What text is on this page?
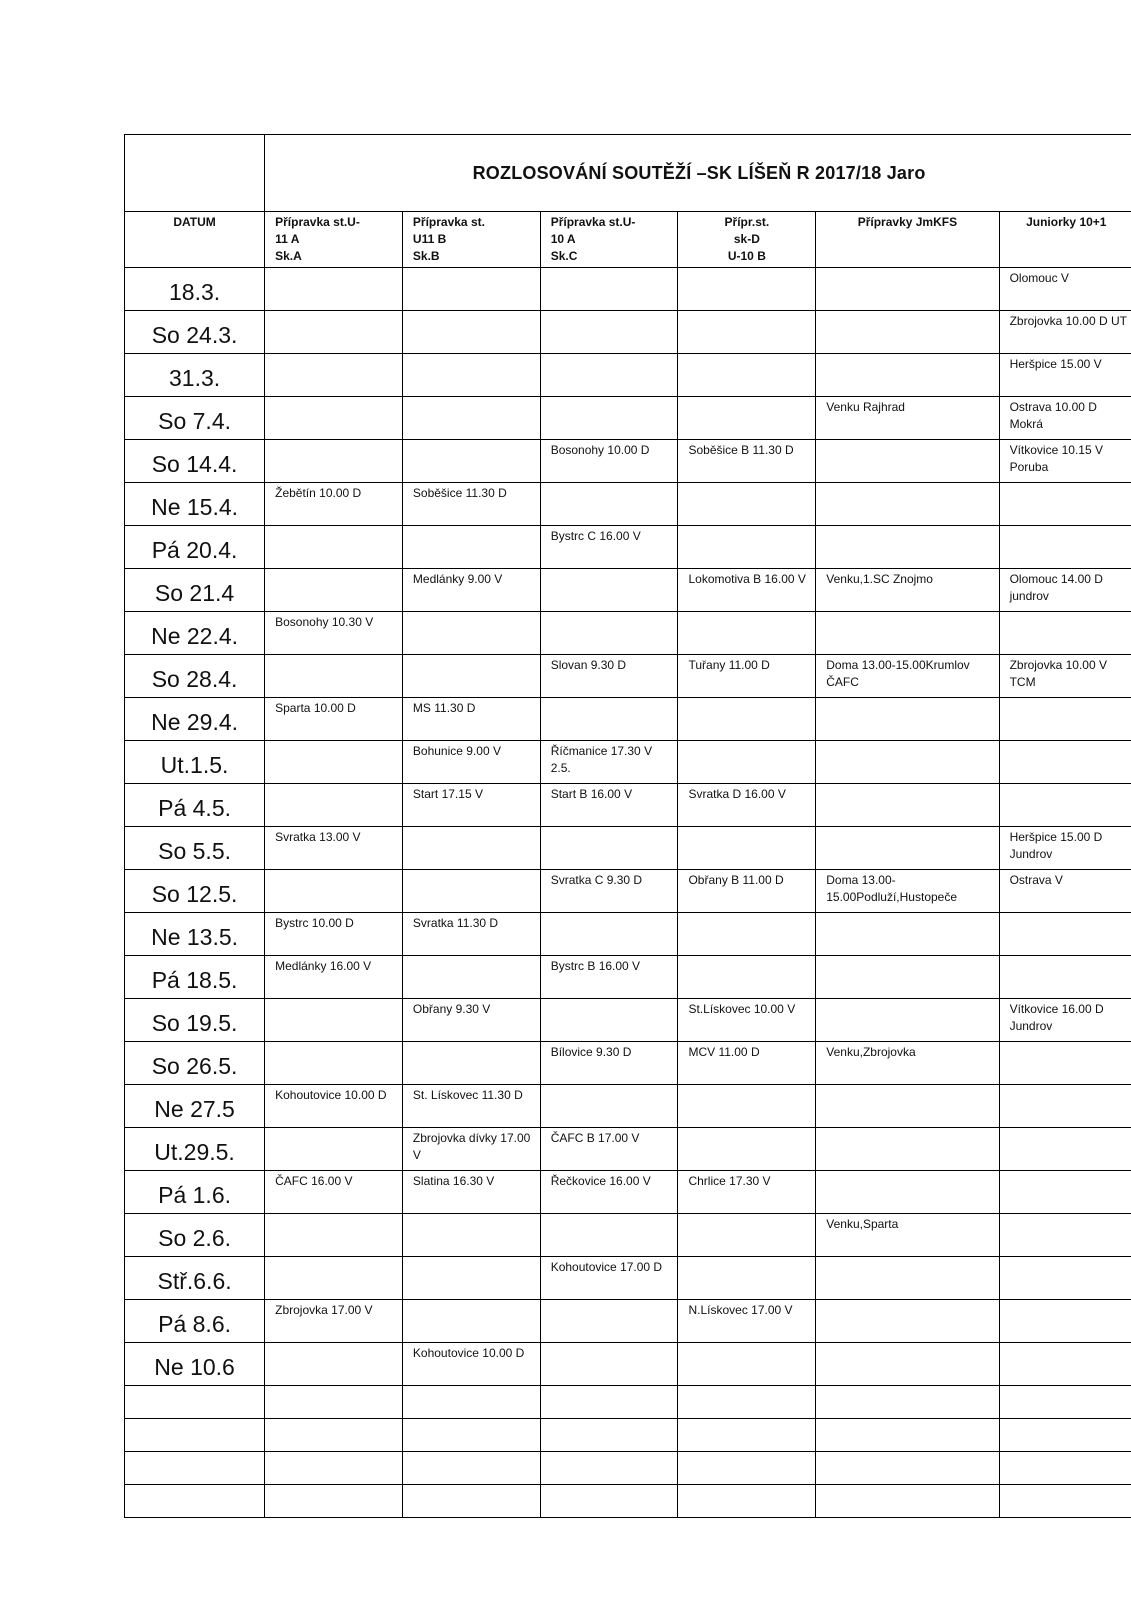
	ROZLOSOVÁNÍ SOUTĚŽÍ –SK LÍŠEŇ R 2017/18 Jaro					

DATUM	Přípravka st.U-
11 A
Sk.A	Přípravka st.
U11 B
Sk.B	Přípravka st.U-
10 A
Sk.C	Přípr.st.
sk-D
U-10 B	Přípravky JmKFS	Juniorky 10+1

18.3.						Olomouc V

So 24.3.						Zbrojovka 10.00 D UT

31.3.						Heršpice 15.00 V

So 7.4.					Venku Rajhrad	Ostrava 10.00 D Mokrá

So 14.4.			Bosonohy 10.00 D	Soběšice B 11.30 D		Vítkovice 10.15 V Poruba

Ne 15.4.	Žebětín 10.00 D	Soběšice 11.30 D				

Pá 20.4.			Bystrc C 16.00 V			

So 21.4		Medlánky 9.00 V		Lokomotiva B 16.00 V	Venku,1.SC Znojmo	Olomouc 14.00 D jundrov

Ne 22.4.	Bosonohy 10.30 V					

So 28.4.			Slovan 9.30 D	Tuřany 11.00 D	Doma 13.00-15.00Krumlov ČAFC	Zbrojovka 10.00 V TCM

Ne 29.4.	Sparta 10.00 D	MS 11.30 D				

Ut.1.5.		Bohunice 9.00 V	Říčmanice 17.30 V 2.5.			

Pá 4.5.		Start 17.15 V	Start B 16.00 V	Svratka D 16.00 V		

So 5.5.	Svratka 13.00 V					Heršpice 15.00 D Jundrov

So 12.5.			Svratka C 9.30 D	Obřany B 11.00 D	Doma 13.00-15.00Podluží,Hustopeče	Ostrava V

Ne 13.5.	Bystrc 10.00 D	Svratka 11.30 D				

Pá 18.5.	Medlánky 16.00 V		Bystrc B 16.00 V			

So 19.5.		Obřany 9.30 V		St.Lískovec 10.00 V		Vítkovice 16.00 D Jundrov

So 26.5.			Bílovice 9.30 D	MCV 11.00 D	Venku,Zbrojovka	

Ne 27.5	Kohoutovice 10.00 D	St. Lískovec 11.30 D				

Ut.29.5.		Zbrojovka dívky 17.00 V	ČAFC B 17.00 V			

Pá 1.6.	ČAFC 16.00 V	Slatina 16.30 V	Řečkovice 16.00 V	Chrlice 17.30 V		

So 2.6.					Venku,Sparta	

Stř.6.6.			Kohoutovice 17.00 D			

Pá 8.6.	Zbrojovka 17.00 V			N.Lískovec 17.00 V		

Ne 10.6		Kohoutovice 10.00 D				
